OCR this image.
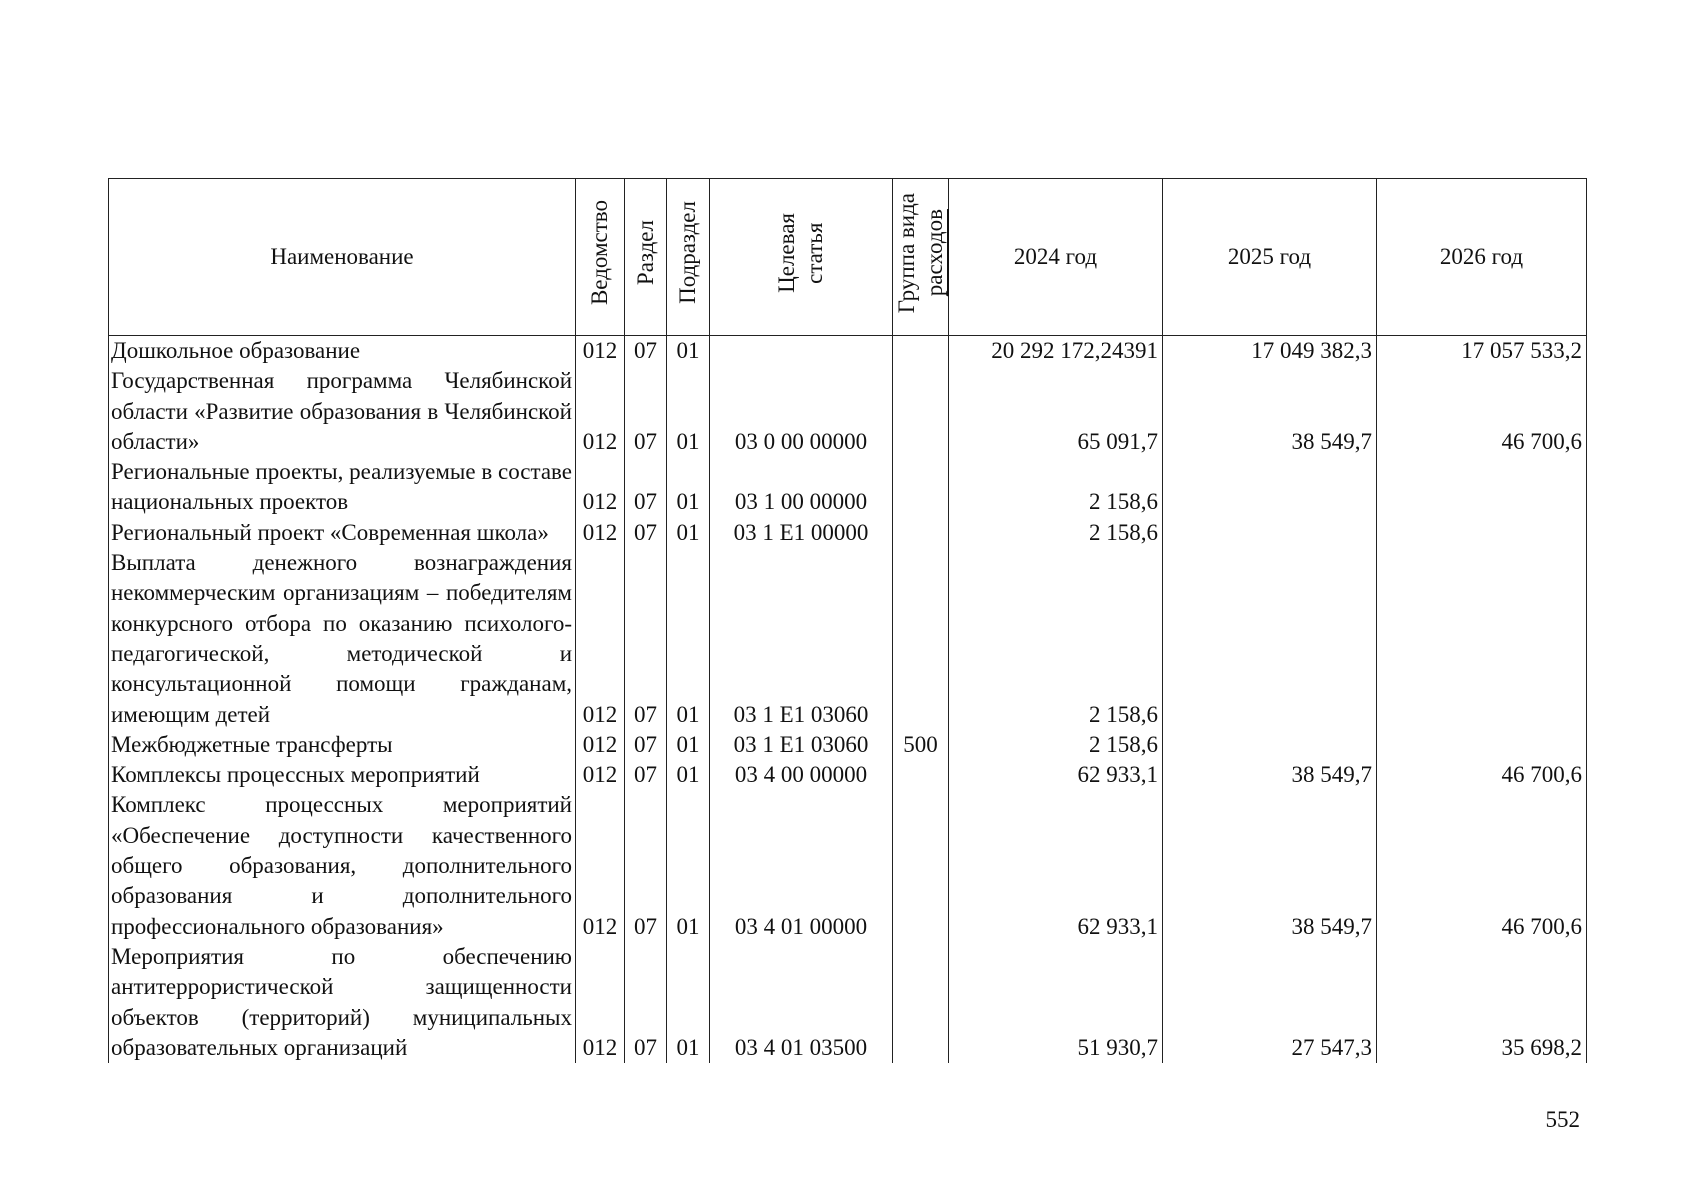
Наименование	Ведомство	Раздел	Подраздел	Целевая статья	Группа вида расходов	2024 год	2025 год	2026 год
Дошкольное образование	012	07	01			20 292 172,24391	17 049 382,3	17 057 533,2
Государственная программа Челябинской области «Развитие образования в Челябинской области»	012	07	01	03 0 00 00000		65 091,7	38 549,7	46 700,6
Региональные проекты, реализуемые в составе национальных проектов	012	07	01	03 1 00 00000		2 158,6		
Региональный проект «Современная школа»	012	07	01	03 1 E1 00000		2 158,6		
Выплата денежного вознаграждения некоммерческим организациям – победителям конкурсного отбора по оказанию психолого-педагогической, методической и консультационной помощи гражданам, имеющим детей	012	07	01	03 1 E1 03060		2 158,6		
Межбюджетные трансферты	012	07	01	03 1 E1 03060	500	2 158,6		
Комплексы процессных мероприятий	012	07	01	03 4 00 00000		62 933,1	38 549,7	46 700,6
Комплекс процессных мероприятий «Обеспечение доступности качественного общего образования, дополнительного образования и дополнительного профессионального образования»	012	07	01	03 4 01 00000		62 933,1	38 549,7	46 700,6
Мероприятия по обеспечению антитеррористической защищенности объектов (территорий) муниципальных образовательных организаций	012	07	01	03 4 01 03500		51 930,7	27 547,3	35 698,2
552
